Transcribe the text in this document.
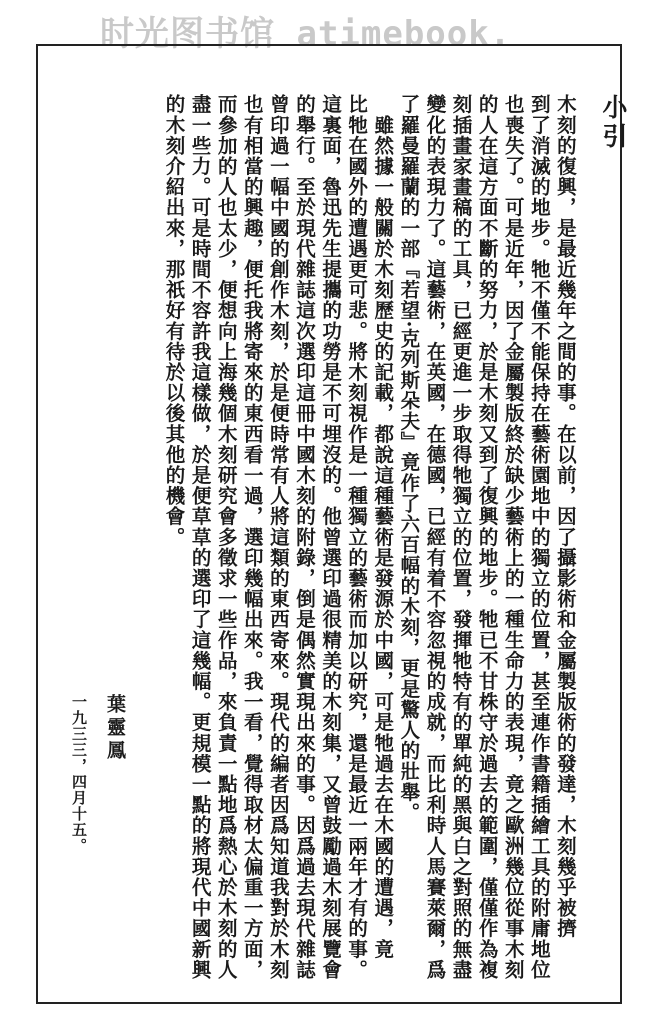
时光图书馆 atimebook.
小引
木刻的復興，是最近幾年之間的事。在以前，因了攝影術和金屬製版術的發達，木刻幾乎被擠
到了消滅的地步。牠不僅不能保持在藝術園地中的獨立的位置，甚至連作書籍插繪工具的附庸地位
也喪失了。可是近年，因了金屬製版終於缺少藝術上的一種生命力的表現，竟之歐洲幾位從事木刻
的人在這方面不斷的努力，於是木刻又到了復興的地步。牠已不甘株守於過去的範圍，僅僅作為複
刻插畫家畫稿的工具，已經更進一步取得牠獨立的位置，發揮牠特有的單純的黑與白之對照的無盡
變化的表現力了。這藝術，在英國，在德國，已經有着不容忽視的成就，而比利時人馬賽萊爾，爲
了羅曼羅蘭的一部『若望·克列斯朵夫』竟作了六百幅的木刻，更是驚人的壯舉。
　雖然據一般關於木刻歷史的記載，都說這種藝術是發源於中國，可是牠過去在木國的遭遇，竟
比牠在國外的遭遇更可悲。將木刻視作是一種獨立的藝術而加以研究，還是最近一兩年才有的事。
這裏面，魯迅先生提攜的功勞是不可埋沒的。他曾選印過很精美的木刻集，又曾鼓勵過木刻展覽會
的舉行。至於現代雜誌這次選印這冊中國木刻的附錄，倒是偶然實現出來的事。因爲過去現代雜誌
曾印過一幅中國的創作木刻，於是便時常有人將這類的東西寄來。現代的編者因爲知道我對於木刻
也有相當的興趣，便托我將寄來的東西看一過，選印幾幅出來。我一看，覺得取材太偏重一方面，
而參加的人也太少，便想向上海幾個木刻研究會多徵求一些作品，來負責一點地爲熱心於木刻的人
盡一些力。可是時間不容許我這樣做，於是便草草的選印了這幾幅。更規模一點的將現代中國新興
的木刻介紹出來，那祇好有待於以後其他的機會。
葉靈鳳
一九三三，四月十五。
